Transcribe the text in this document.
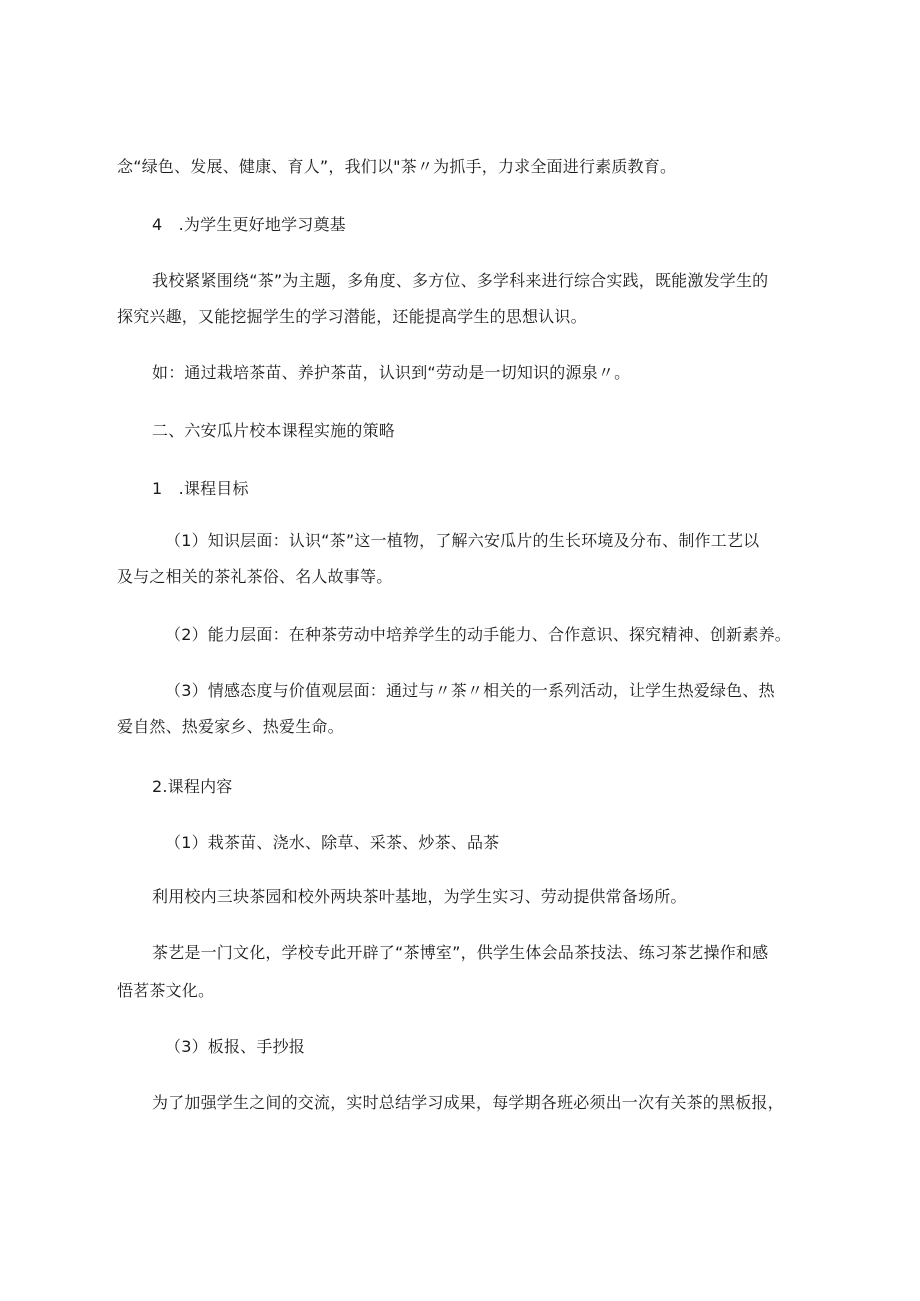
念“绿色、发展、健康、育人”，我们以"茶〃为抓手，力求全面进行素质教育。
4　.为学生更好地学习奠基
我校紧紧围绕“茶”为主题，多角度、多方位、多学科来进行综合实践，既能激发学生的
探究兴趣，又能挖掘学生的学习潜能，还能提高学生的思想认识。
如：通过栽培茶苗、养护茶苗，认识到“劳动是一切知识的源泉〃。
二、六安瓜片校本课程实施的策略
1　.课程目标
（1）知识层面：认识“茶”这一植物，了解六安瓜片的生长环境及分布、制作工艺以
及与之相关的茶礼茶俗、名人故事等。
（2）能力层面：在种茶劳动中培养学生的动手能力、合作意识、探究精神、创新素养。
（3）情感态度与价值观层面：通过与〃茶〃相关的一系列活动，让学生热爱绿色、热
爱自然、热爱家乡、热爱生命。
2.课程内容
（1）栽茶苗、浇水、除草、采茶、炒茶、品茶
利用校内三块茶园和校外两块茶叶基地，为学生实习、劳动提供常备场所。
茶艺是一门文化，学校专此开辟了“茶博室”，供学生体会品茶技法、练习茶艺操作和感
悟茗茶文化。
（3）板报、手抄报
为了加强学生之间的交流，实时总结学习成果，每学期各班必须出一次有关茶的黑板报，
